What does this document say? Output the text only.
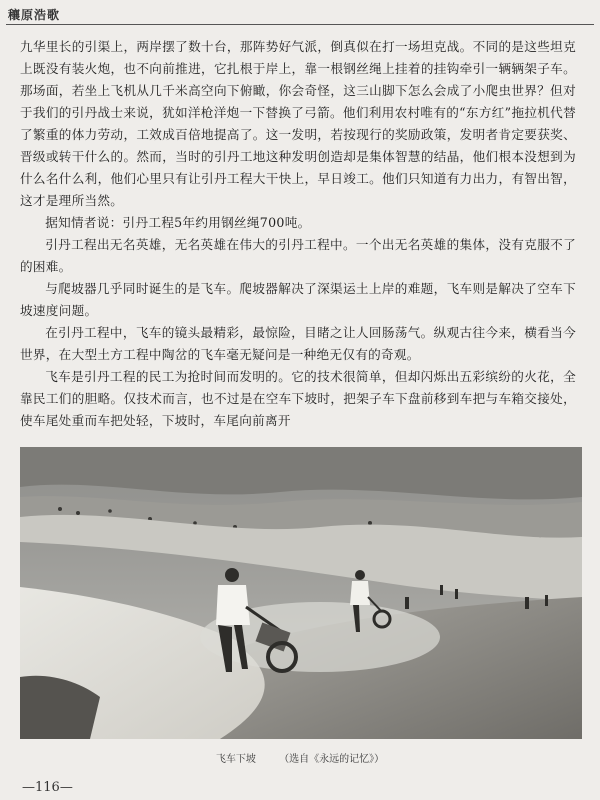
穰原浩歌

九华里长的引渠上，两岸摆了数十台，那阵势好气派，倒真似在打一场坦克战。不同的是这些坦克上既没有装火炮，也不向前推进，它扎根于岸上，靠一根钢丝绳上挂着的挂钩牵引一辆辆架子车。那场面，若坐上飞机从几千米高空向下俯瞰，你会奇怪，这三山脚下怎么会成了小爬虫世界？但对于我们的引丹战士来说，犹如洋枪洋炮一下替换了弓箭。他们利用农村唯有的“东方红”拖拉机代替了繁重的体力劳动，工效成百倍地提高了。这一发明，若按现行的奖励政策，发明者肯定要获奖、晋级或转干什么的。然而，当时的引丹工地这种发明创造却是集体智慧的结晶，他们根本没想到为什么名什么利，他们心里只有让引丹工程大干快上，早日竣工。他们只知道有力出力，有智出智，这才是理所当然。

据知情者说：引丹工程5年约用钢丝绳700吨。

引丹工程出无名英雄，无名英雄在伟大的引丹工程中。一个出无名英雄的集体，没有克服不了的困难。

与爬坡器几乎同时诞生的是飞车。爬坡器解决了深渠运土上岸的难题，飞车则是解决了空车下坡速度问题。

在引丹工程中，飞车的镜头最精彩，最惊险，目睹之让人回肠荡气。纵观古往今来，横看当今世界，在大型土方工程中陶岔的飞车毫无疑问是一种绝无仅有的奇观。

飞车是引丹工程的民工为抢时间而发明的。它的技术很简单，但却闪烁出五彩缤纷的火花，全靠民工们的胆略。仅技术而言，也不过是在空车下坡时，把架子车下盘前移到车把与车箱交接处，使车尾处重而车把处轻，下坡时，车尾向前离开

飞车下坡 （选自《永远的记忆》）
—116—
